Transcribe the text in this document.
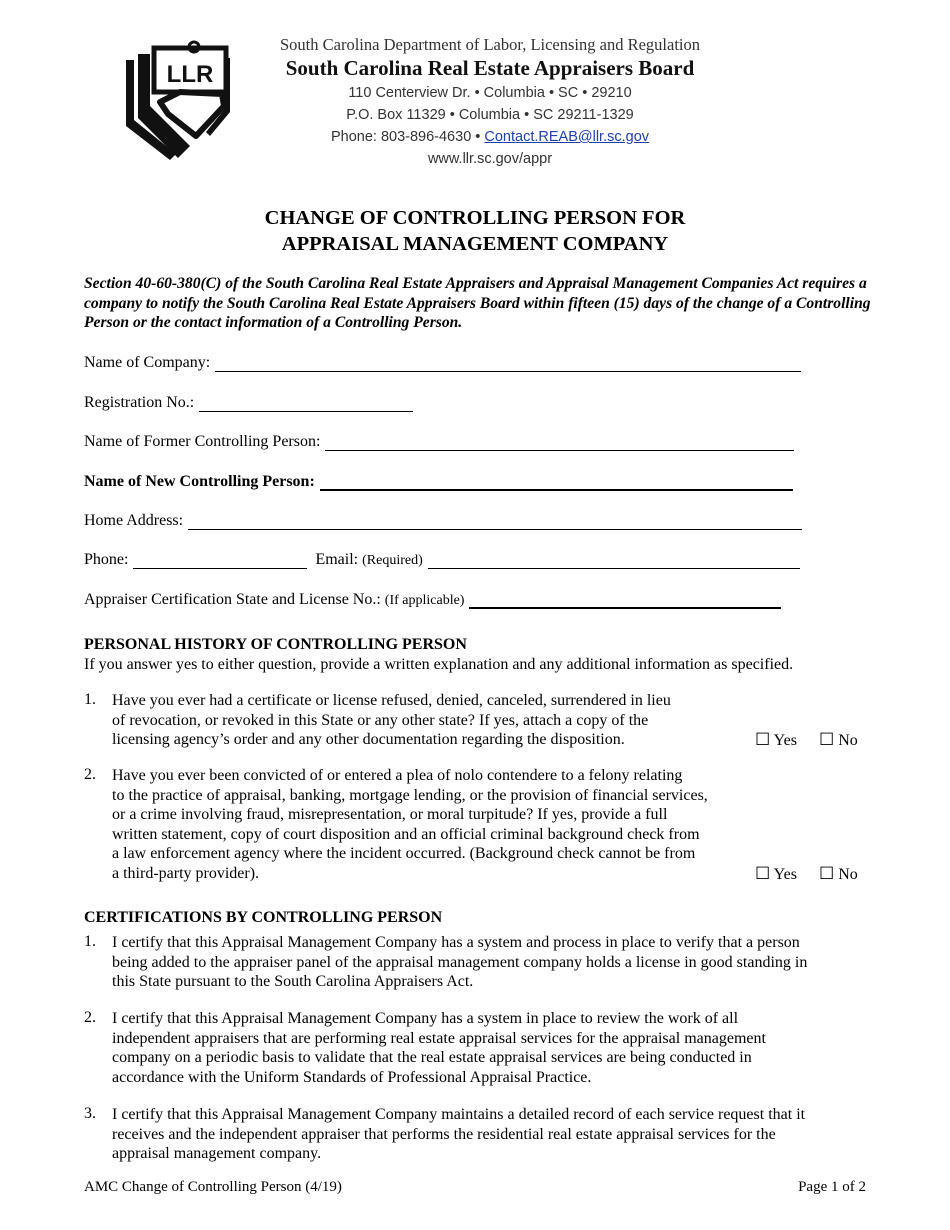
LLR
South Carolina Department of Labor, Licensing and Regulation
South Carolina Real Estate Appraisers Board
110 Centerview Dr. • Columbia • SC • 29210
P.O. Box 11329 • Columbia • SC 29211-1329
Phone: 803-896-4630 • Contact.REAB@llr.sc.gov
www.llr.sc.gov/appr
CHANGE OF CONTROLLING PERSON FOR
APPRAISAL MANAGEMENT COMPANY
Section 40-60-380(C) of the South Carolina Real Estate Appraisers and Appraisal Management Companies Act requires a company to notify the South Carolina Real Estate Appraisers Board within fifteen (15) days of the change of a Controlling Person or the contact information of a Controlling Person.
Name of Company:
Registration No.:
Name of Former Controlling Person:
Name of New Controlling Person:
Home Address:
Phone:	Email: (Required)
Appraiser Certification State and License No.: (If applicable)
PERSONAL HISTORY OF CONTROLLING PERSON
If you answer yes to either question, provide a written explanation and any additional information as specified.
1. Have you ever had a certificate or license refused, denied, canceled, surrendered in lieu
of revocation, or revoked in this State or any other state? If yes, attach a copy of the
licensing agency’s order and any other documentation regarding the disposition.	☐ Yes ☐ No
2. Have you ever been convicted of or entered a plea of nolo contendere to a felony relating
to the practice of appraisal, banking, mortgage lending, or the provision of financial services,
or a crime involving fraud, misrepresentation, or moral turpitude? If yes, provide a full
written statement, copy of court disposition and an official criminal background check from
a law enforcement agency where the incident occurred. (Background check cannot be from
a third-party provider).	☐ Yes ☐ No
CERTIFICATIONS BY CONTROLLING PERSON
1. I certify that this Appraisal Management Company has a system and process in place to verify that a person
being added to the appraiser panel of the appraisal management company holds a license in good standing in
this State pursuant to the South Carolina Appraisers Act.
2. I certify that this Appraisal Management Company has a system in place to review the work of all
independent appraisers that are performing real estate appraisal services for the appraisal management
company on a periodic basis to validate that the real estate appraisal services are being conducted in
accordance with the Uniform Standards of Professional Appraisal Practice.
3. I certify that this Appraisal Management Company maintains a detailed record of each service request that it
receives and the independent appraiser that performs the residential real estate appraisal services for the
appraisal management company.
AMC Change of Controlling Person (4/19)	Page 1 of 2
